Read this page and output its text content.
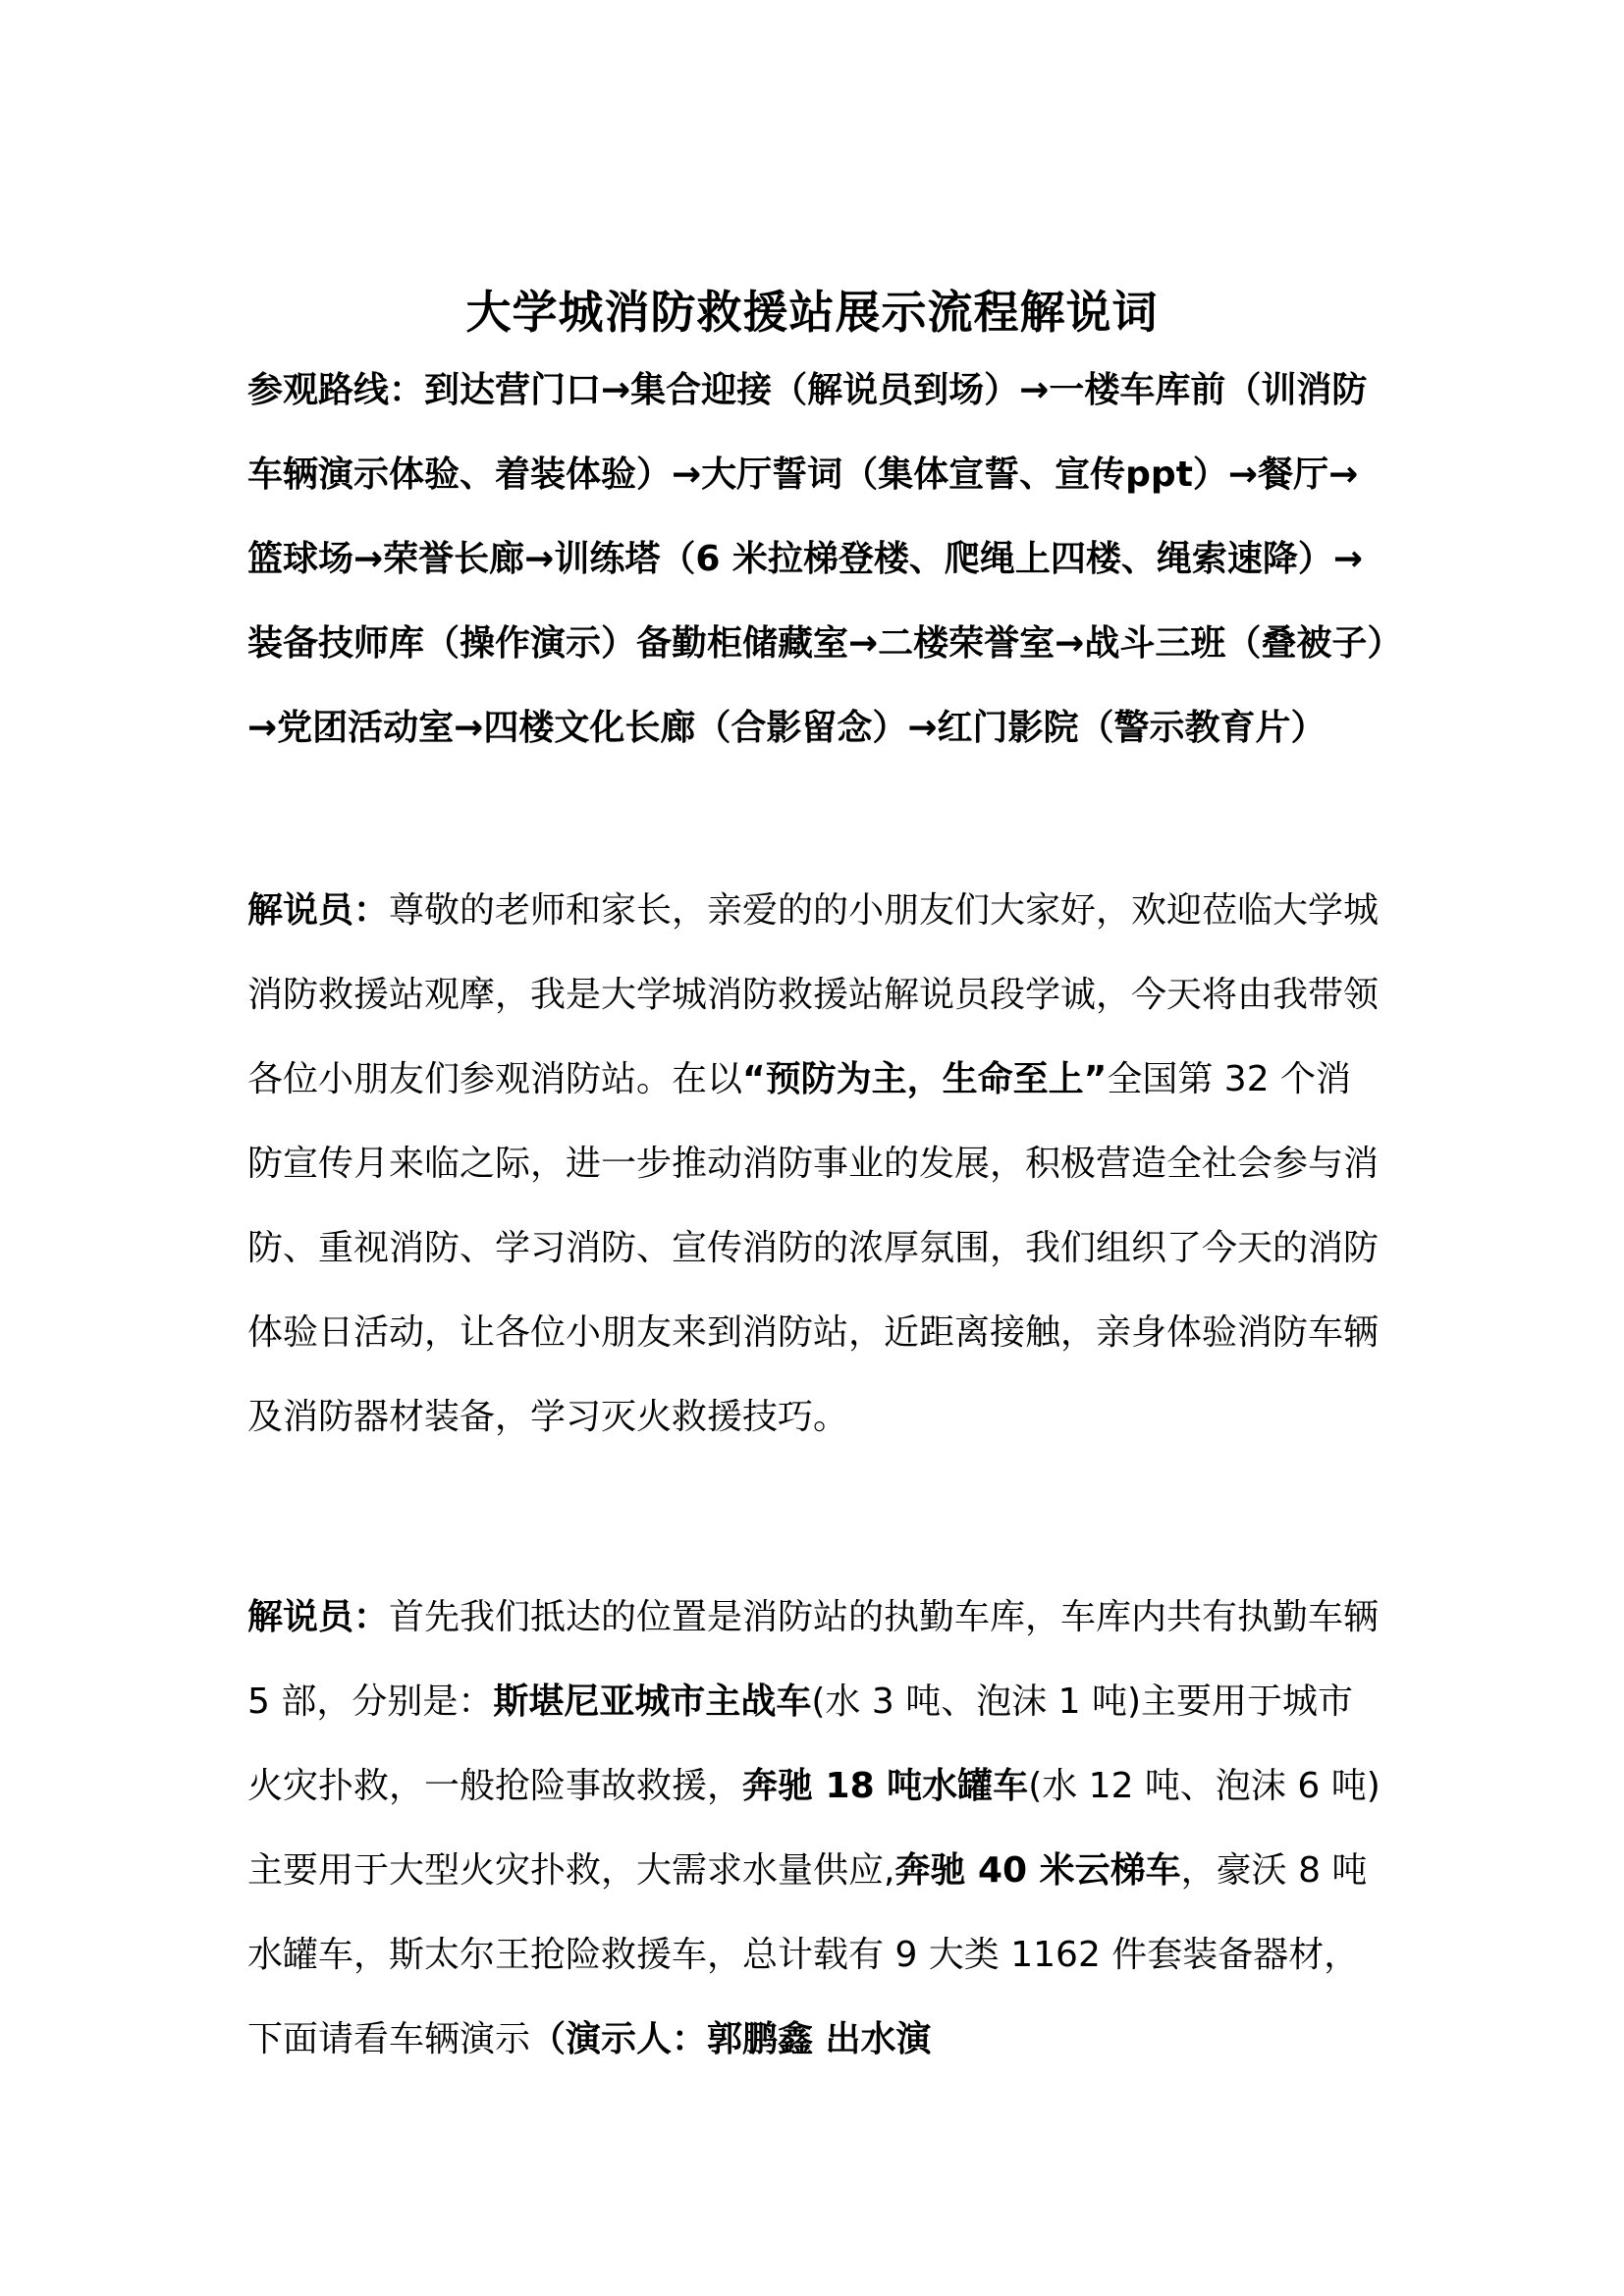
大学城消防救援站展示流程解说词

参观路线：到达营门口→集合迎接（解说员到场）→一楼车库前（训消防车辆演示体验、着装体验）→大厅誓词（集体宣誓、宣传ppt）→餐厅→篮球场→荣誉长廊→训练塔（6 米拉梯登楼、爬绳上四楼、绳索速降）→装备技师库（操作演示）备勤柜储藏室→二楼荣誉室→战斗三班（叠被子）→党团活动室→四楼文化长廊（合影留念）→红门影院（警示教育片）

解说员：尊敬的老师和家长，亲爱的的小朋友们大家好，欢迎莅临大学城消防救援站观摩，我是大学城消防救援站解说员段学诚，今天将由我带领各位小朋友们参观消防站。在以“预防为主，生命至上”全国第 32 个消防宣传月来临之际，进一步推动消防事业的发展，积极营造全社会参与消防、重视消防、学习消防、宣传消防的浓厚氛围，我们组织了今天的消防体验日活动，让各位小朋友来到消防站，近距离接触，亲身体验消防车辆及消防器材装备，学习灭火救援技巧。

解说员：首先我们抵达的位置是消防站的执勤车库，车库内共有执勤车辆 5 部，分别是：斯堪尼亚城市主战车(水 3 吨、泡沫 1 吨)主要用于城市火灾扑救，一般抢险事故救援，奔驰 18 吨水罐车(水 12 吨、泡沫 6 吨)主要用于大型火灾扑救，大需求水量供应,奔驰 40 米云梯车，豪沃 8 吨水罐车，斯太尔王抢险救援车，总计载有 9 大类 1162 件套装备器材，下面请看车辆演示（演示人：郭鹏鑫 出水演
